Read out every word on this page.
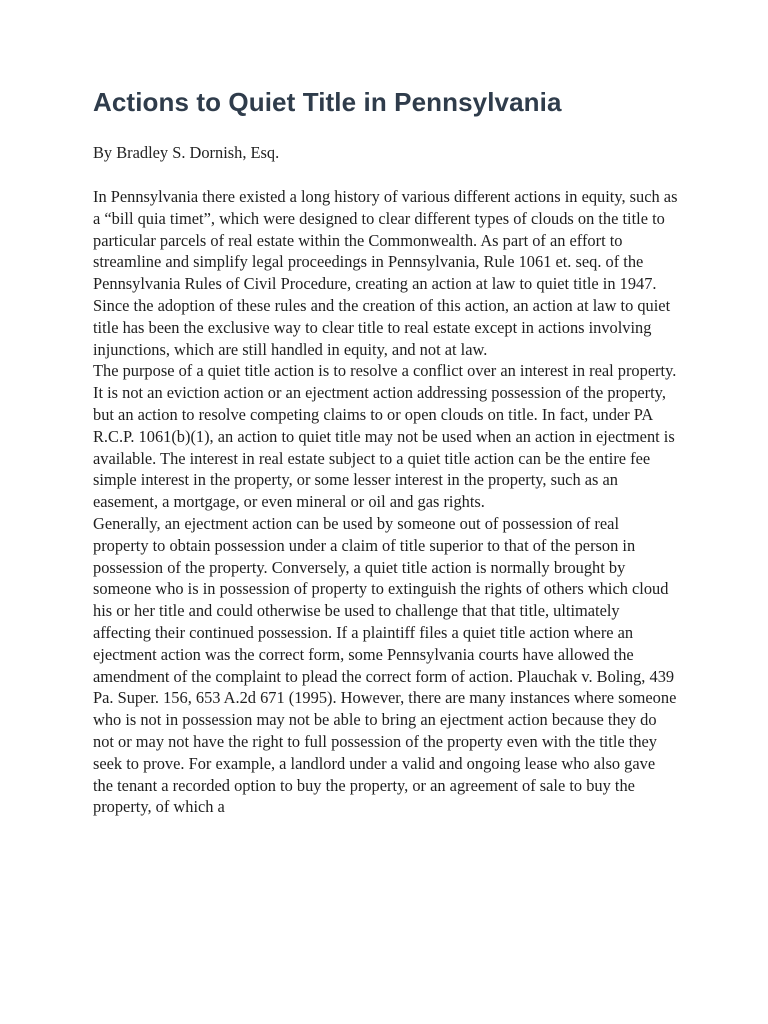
Actions to Quiet Title in Pennsylvania

By Bradley S. Dornish, Esq.

In Pennsylvania there existed a long history of various different actions in equity, such as a “bill quia timet”, which were designed to clear different types of clouds on the title to particular parcels of real estate within the Commonwealth. As part of an effort to streamline and simplify legal proceedings in Pennsylvania, Rule 1061 et. seq. of the Pennsylvania Rules of Civil Procedure, creating an action at law to quiet title in 1947. Since the adoption of these rules and the creation of this action, an action at law to quiet title has been the exclusive way to clear title to real estate except in actions involving injunctions, which are still handled in equity, and not at law.

The purpose of a quiet title action is to resolve a conflict over an interest in real property. It is not an eviction action or an ejectment action addressing possession of the property, but an action to resolve competing claims to or open clouds on title. In fact, under PA R.C.P. 1061(b)(1), an action to quiet title may not be used when an action in ejectment is available. The interest in real estate subject to a quiet title action can be the entire fee simple interest in the property, or some lesser interest in the property, such as an easement, a mortgage, or even mineral or oil and gas rights.

Generally, an ejectment action can be used by someone out of possession of real property to obtain possession under a claim of title superior to that of the person in possession of the property. Conversely, a quiet title action is normally brought by someone who is in possession of property to extinguish the rights of others which cloud his or her title and could otherwise be used to challenge that that title, ultimately affecting their continued possession. If a plaintiff files a quiet title action where an ejectment action was the correct form, some Pennsylvania courts have allowed the amendment of the complaint to plead the correct form of action. Plauchak v. Boling, 439 Pa. Super. 156, 653 A.2d 671 (1995). However, there are many instances where someone who is not in possession may not be able to bring an ejectment action because they do not or may not have the right to full possession of the property even with the title they seek to prove. For example, a landlord under a valid and ongoing lease who also gave the tenant a recorded option to buy the property, or an agreement of sale to buy the property, of which a
